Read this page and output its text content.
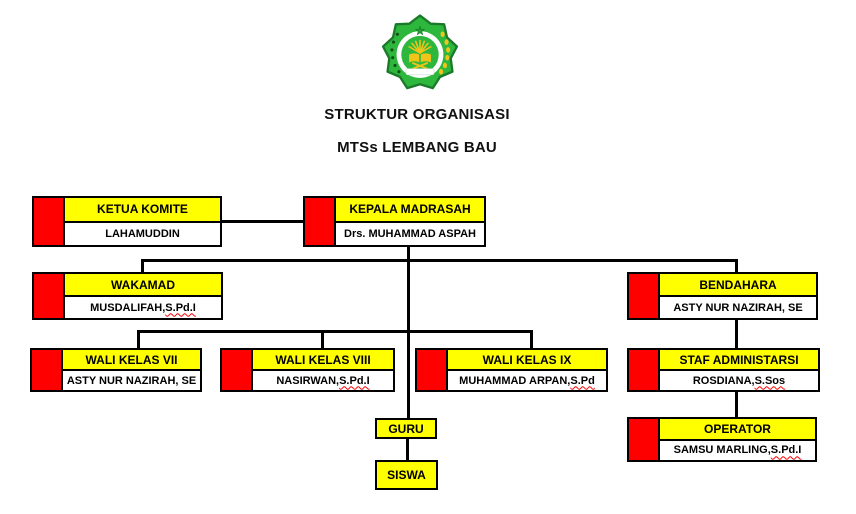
STRUKTUR ORGANISASI
MTSs LEMBANG BAU
KETUA KOMITE
LAHAMUDDIN
KEPALA MADRASAH
Drs. MUHAMMAD ASPAH
WAKAMAD
MUSDALIFAH, S.Pd.I
BENDAHARA
ASTY NUR NAZIRAH, SE
WALI KELAS VII
ASTY NUR NAZIRAH, SE
WALI KELAS VIII
NASIRWAN, S.Pd.I
WALI KELAS IX
MUHAMMAD ARPAN, S.Pd
STAF ADMINISTARSI
ROSDIANA, S.Sos
OPERATOR
SAMSU MARLING, S.Pd.I
GURU
SISWA
